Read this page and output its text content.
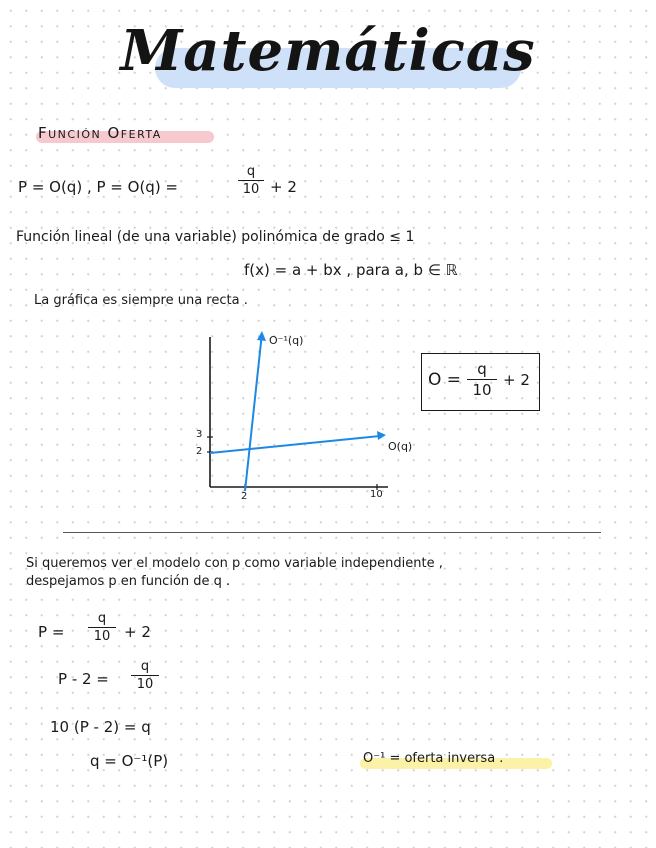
Matemáticas
Función Oferta
P = O(q) , P = O(q) =
q
10 + 2
Función lineal (de una variable) polinómica de grado ≤ 1
f(x) = a + bx , para a, b ∈ ℝ
La gráfica es siempre una recta .
O⁻¹(q)
O(q)
3
2
2	10
O =
q
10
+ 2
Si queremos ver el modelo con p como variable independiente ,
despejamos p en función de q .
P =
q
10 + 2
P - 2 =
q
10
10 (P - 2) = q
q = O⁻¹(P)	O⁻¹ = oferta inversa .
